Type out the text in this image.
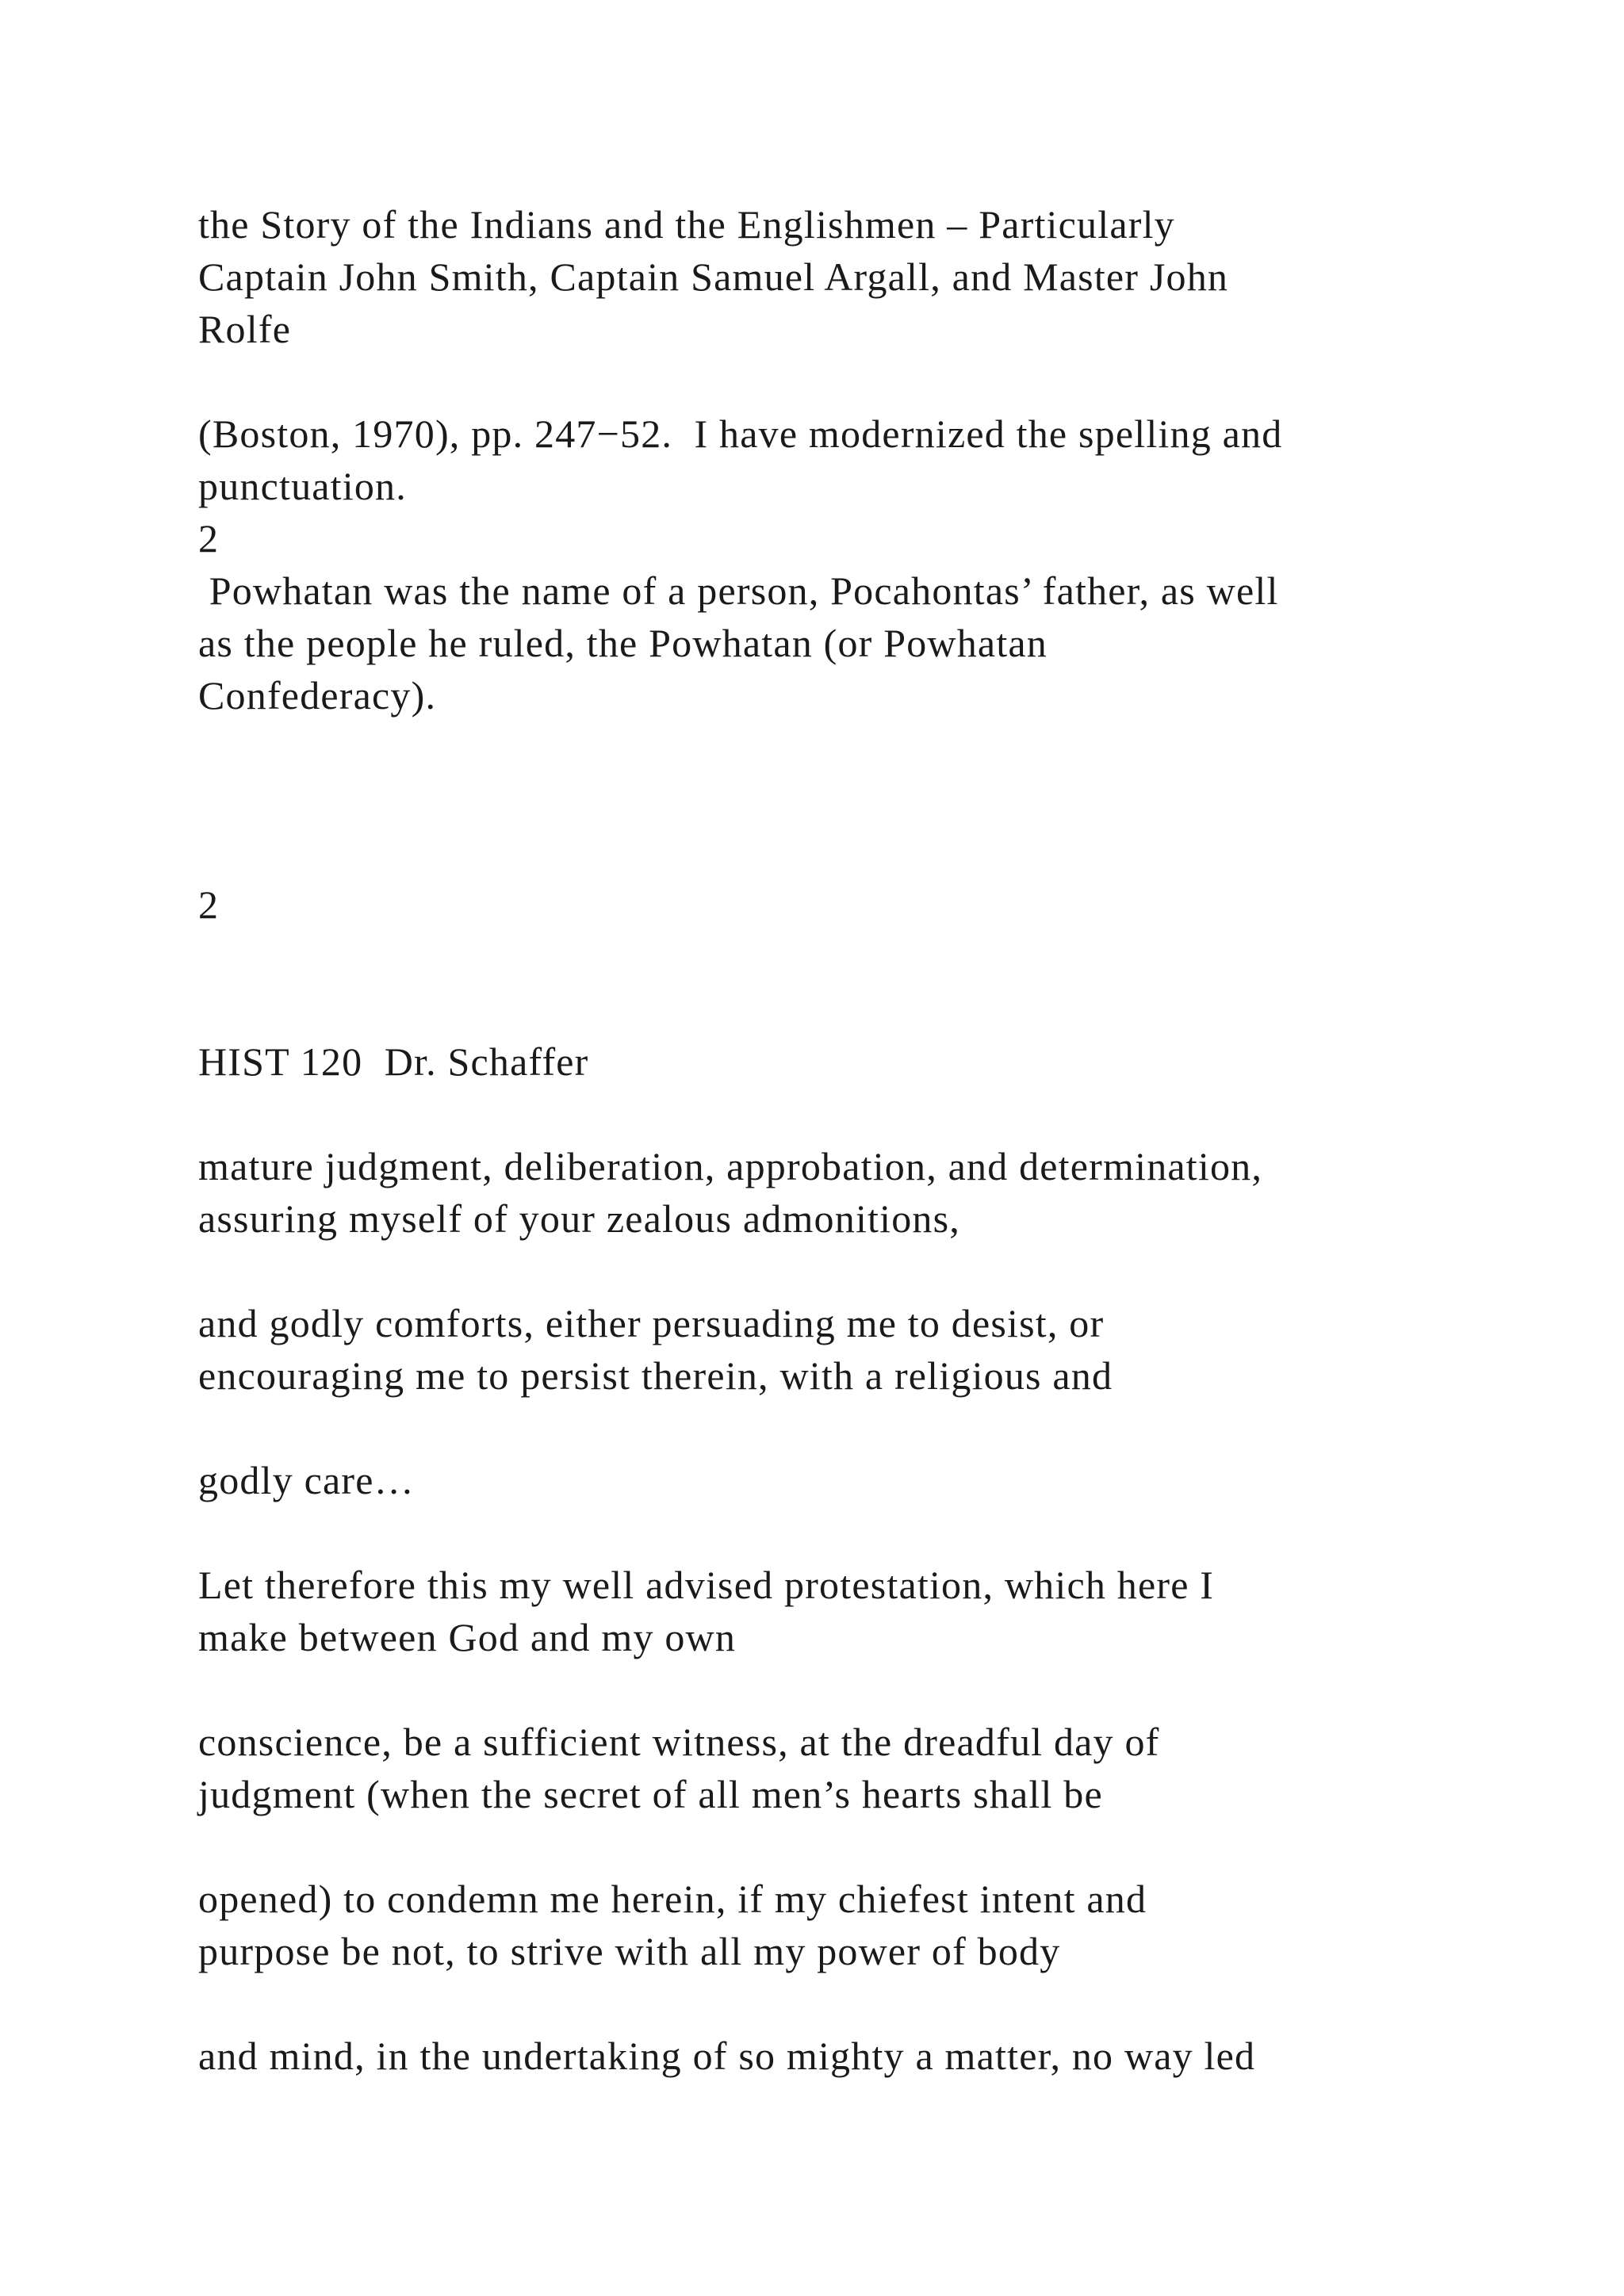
the Story of the Indians and the Englishmen – Particularly
Captain John Smith, Captain Samuel Argall, and Master John
Rolfe
(Boston, 1970), pp. 247−52.  I have modernized the spelling and
punctuation.
2
Powhatan was the name of a person, Pocahontas’ father, as well
as the people he ruled, the Powhatan (or Powhatan
Confederacy).
2
HIST 120  Dr. Schaffer
mature judgment, deliberation, approbation, and determination,
assuring myself of your zealous admonitions,
and godly comforts, either persuading me to desist, or
encouraging me to persist therein, with a religious and
godly care…
Let therefore this my well advised protestation, which here I
make between God and my own
conscience, be a sufficient witness, at the dreadful day of
judgment (when the secret of all men’s hearts shall be
opened) to condemn me herein, if my chiefest intent and
purpose be not, to strive with all my power of body
and mind, in the undertaking of so mighty a matter, no way led
